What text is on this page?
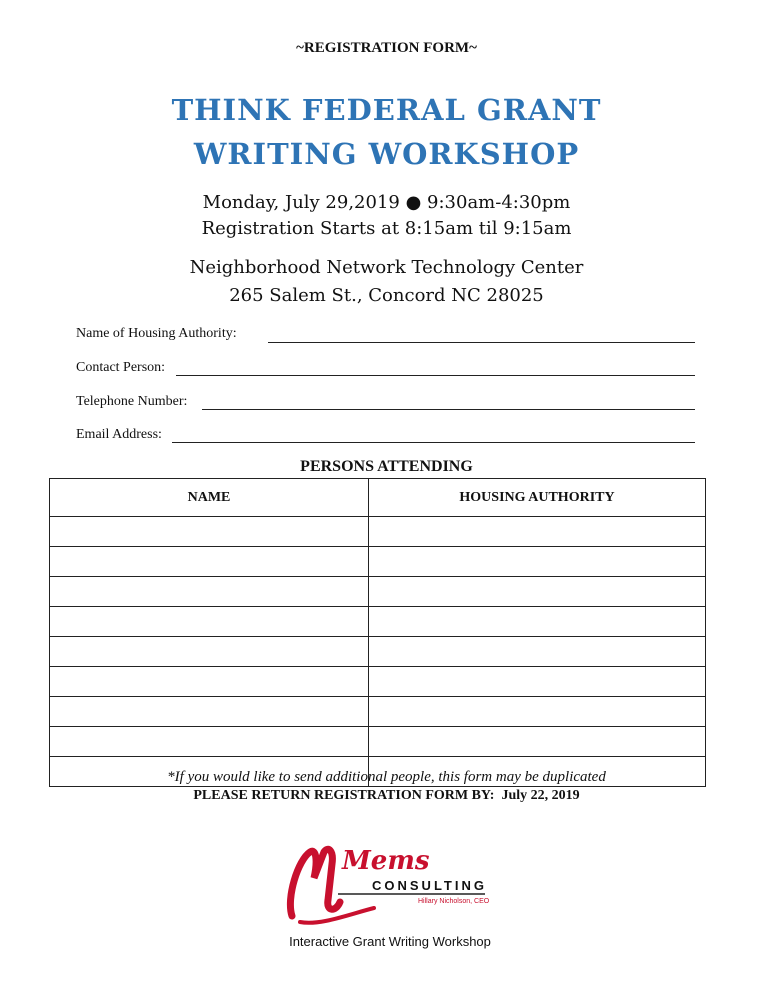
~REGISTRATION FORM~
THINK FEDERAL GRANT
WRITING WORKSHOP
Monday, July 29,2019 ● 9:30am-4:30pm
Registration Starts at 8:15am til 9:15am
Neighborhood Network Technology Center
265 Salem St., Concord NC 28025
Name of Housing Authority:
Contact Person:
Telephone Number:
Email Address:
PERSONS ATTENDING
NAME	HOUSING AUTHORITY

*If you would like to send additional people, this form may be duplicated
PLEASE RETURN REGISTRATION FORM BY: July 22, 2019
Mems
CONSULTING
Hillary Nicholson, CEO
Interactive Grant Writing Workshop
